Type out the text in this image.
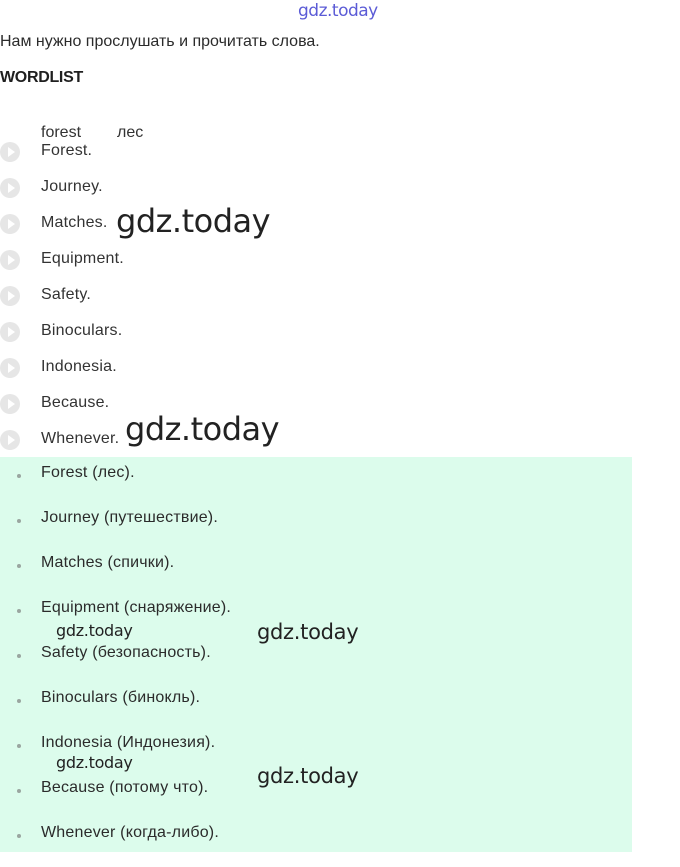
gdz.today
Нам нужно прослушать и прочитать слова.
WORDLIST
forest лес
Forest.
Journey.
Matches.
Equipment.
Safety.
Binoculars.
Indonesia.
Because.
Whenever.
Forest (лес).
Journey (путешествие).
Matches (спички).
Equipment (снаряжение).
Safety (безопасность).
Binoculars (бинокль).
Indonesia (Индонезия).
Because (потому что).
Whenever (когда-либо).
gdz.today
gdz.today
gdz.today	gdz.today
gdz.today
gdz.today
